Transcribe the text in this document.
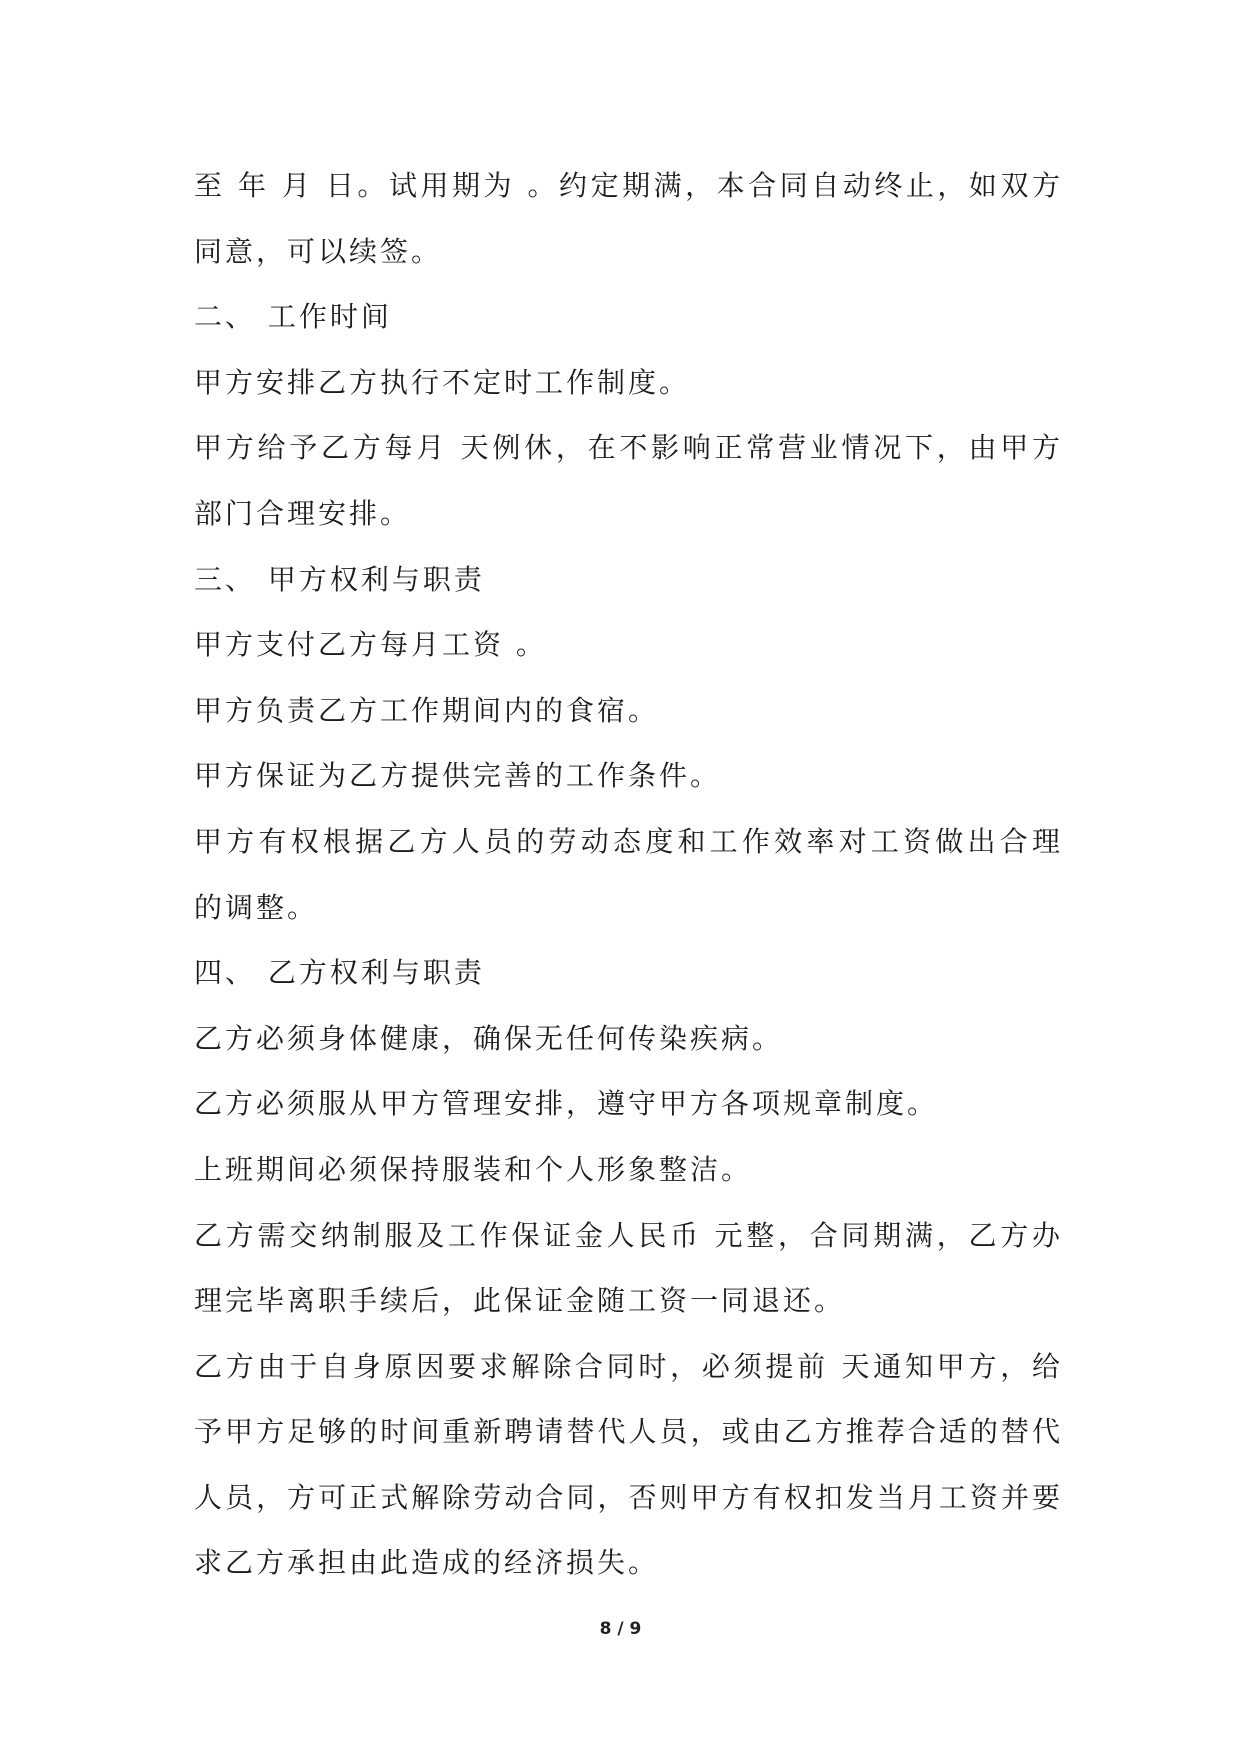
至 年 月 日。试用期为 。约定期满，本合同自动终止，如双方
同意，可以续签。
二、 工作时间
甲方安排乙方执行不定时工作制度。
甲方给予乙方每月 天例休，在不影响正常营业情况下，由甲方
部门合理安排。
三、 甲方权利与职责
甲方支付乙方每月工资 。
甲方负责乙方工作期间内的食宿。
甲方保证为乙方提供完善的工作条件。
甲方有权根据乙方人员的劳动态度和工作效率对工资做出合理
的调整。
四、 乙方权利与职责
乙方必须身体健康，确保无任何传染疾病。
乙方必须服从甲方管理安排，遵守甲方各项规章制度。
上班期间必须保持服装和个人形象整洁。
乙方需交纳制服及工作保证金人民币 元整，合同期满，乙方办
理完毕离职手续后，此保证金随工资一同退还。
乙方由于自身原因要求解除合同时，必须提前 天通知甲方，给
予甲方足够的时间重新聘请替代人员，或由乙方推荐合适的替代
人员，方可正式解除劳动合同，否则甲方有权扣发当月工资并要
求乙方承担由此造成的经济损失。
8 / 9
